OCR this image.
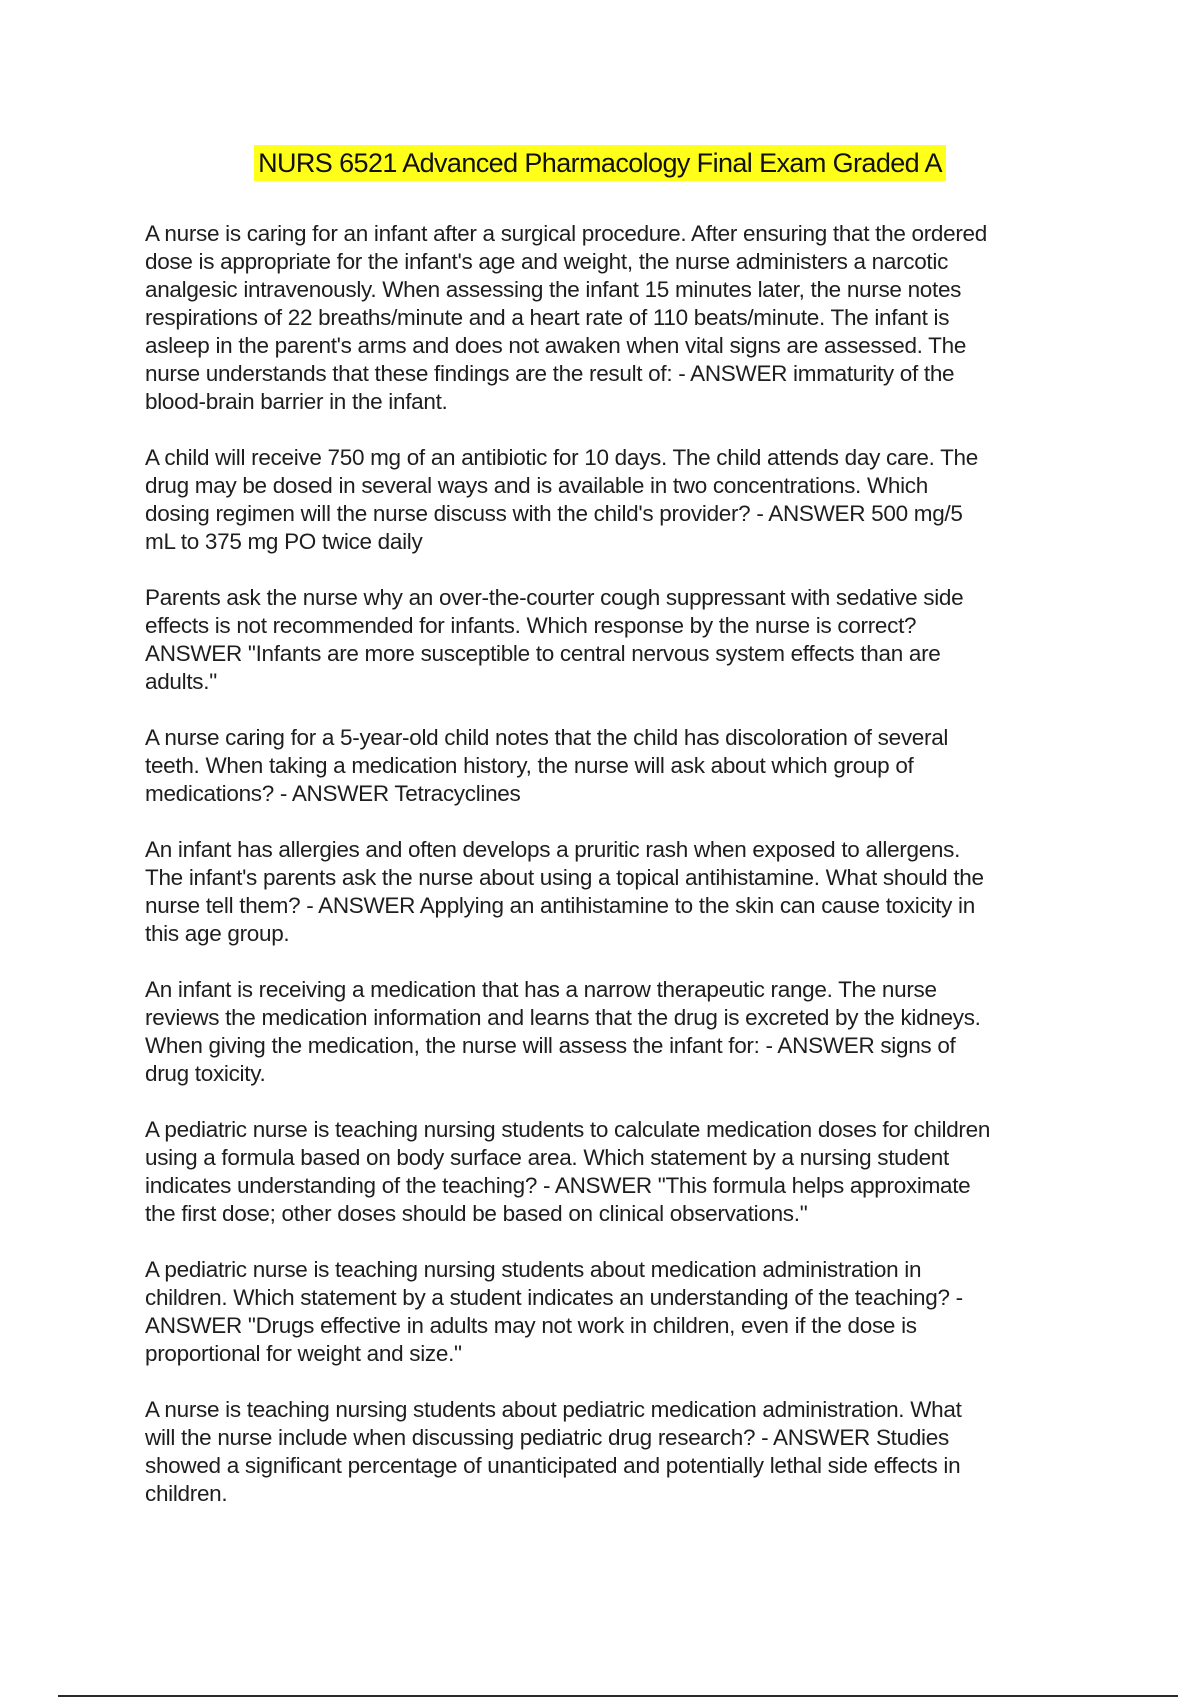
NURS 6521 Advanced Pharmacology Final Exam Graded A

A nurse is caring for an infant after a surgical procedure. After ensuring that the ordered
dose is appropriate for the infant's age and weight, the nurse administers a narcotic
analgesic intravenously. When assessing the infant 15 minutes later, the nurse notes
respirations of 22 breaths/minute and a heart rate of 110 beats/minute. The infant is
asleep in the parent's arms and does not awaken when vital signs are assessed. The
nurse understands that these findings are the result of: - ANSWER immaturity of the
blood-brain barrier in the infant.

A child will receive 750 mg of an antibiotic for 10 days. The child attends day care. The
drug may be dosed in several ways and is available in two concentrations. Which
dosing regimen will the nurse discuss with the child's provider? - ANSWER 500 mg/5
mL to 375 mg PO twice daily

Parents ask the nurse why an over-the-courter cough suppressant with sedative side
effects is not recommended for infants. Which response by the nurse is correct?
ANSWER "Infants are more susceptible to central nervous system effects than are
adults."

A nurse caring for a 5-year-old child notes that the child has discoloration of several
teeth. When taking a medication history, the nurse will ask about which group of
medications? - ANSWER Tetracyclines

An infant has allergies and often develops a pruritic rash when exposed to allergens.
The infant's parents ask the nurse about using a topical antihistamine. What should the
nurse tell them? - ANSWER Applying an antihistamine to the skin can cause toxicity in
this age group.

An infant is receiving a medication that has a narrow therapeutic range. The nurse
reviews the medication information and learns that the drug is excreted by the kidneys.
When giving the medication, the nurse will assess the infant for: - ANSWER signs of
drug toxicity.

A pediatric nurse is teaching nursing students to calculate medication doses for children
using a formula based on body surface area. Which statement by a nursing student
indicates understanding of the teaching? - ANSWER "This formula helps approximate
the first dose; other doses should be based on clinical observations."

A pediatric nurse is teaching nursing students about medication administration in
children. Which statement by a student indicates an understanding of the teaching? -
ANSWER "Drugs effective in adults may not work in children, even if the dose is
proportional for weight and size."

A nurse is teaching nursing students about pediatric medication administration. What
will the nurse include when discussing pediatric drug research? - ANSWER Studies
showed a significant percentage of unanticipated and potentially lethal side effects in
children.
